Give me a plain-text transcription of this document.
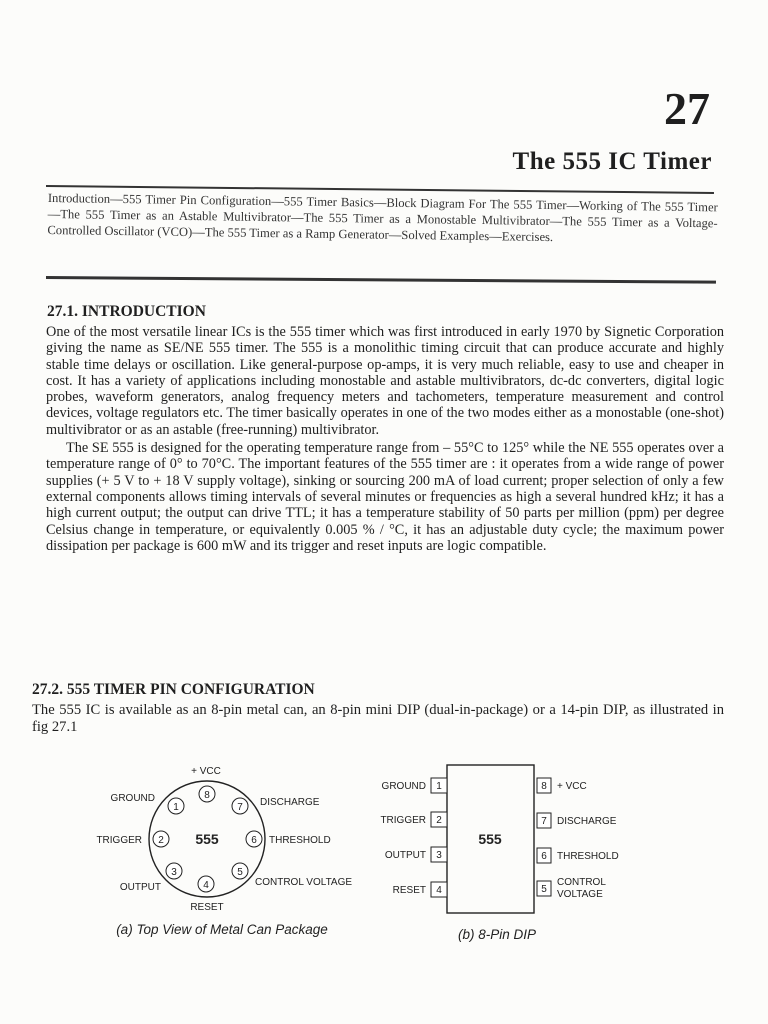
27
The 555 IC Timer
Introduction—555 Timer Pin Configuration—555 Timer Basics—Block Diagram For The 555 Timer—Working of The 555 Timer—The 555 Timer as an Astable Multivibrator—The 555 Timer as a Monostable Multivibrator—The 555 Timer as a Voltage-Controlled Oscillator (VCO)—The 555 Timer as a Ramp Generator—Solved Examples—Exercises.
27.1. INTRODUCTION

One of the most versatile linear ICs is the 555 timer which was first introduced in early 1970 by Signetic Corporation giving the name as SE/NE 555 timer. The 555 is a monolithic timing circuit that can produce accurate and highly stable time delays or oscillation. Like general-purpose op-amps, it is very much reliable, easy to use and cheaper in cost. It has a variety of applications including monostable and astable multivibrators, dc-dc converters, digital logic probes, waveform generators, analog frequency meters and tachometers, temperature measurement and control devices, voltage regulators etc. The timer basically operates in one of the two modes either as a monostable (one-shot) multivibrator or as an astable (free-running) multivibrator.

The SE 555 is designed for the operating temperature range from – 55°C to 125° while the NE 555 operates over a temperature range of 0° to 70°C. The important features of the 555 timer are : it operates from a wide range of power supplies (+ 5 V to + 18 V supply voltage), sinking or sourcing 200 mA of load current; proper selection of only a few external components allows timing intervals of several minutes or frequencies as high a several hundred kHz; it has a high current output; the output can drive TTL; it has a temperature stability of 50 parts per million (ppm) per degree Celsius change in temperature, or equivalently 0.005 % / °C, it has an adjustable duty cycle; the maximum power dissipation per package is 600 mW and its trigger and reset inputs are logic compatible.

27.2. 555 TIMER PIN CONFIGURATION
The 555 IC is available as an 8-pin metal can, an 8-pin mini DIP (dual-in-package) or a 14-pin DIP, as illustrated in fig 27.1
555
+ VCC
1
GROUND
2
TRIGGER
3
OUTPUT	4
RESET
5
CONTROL VOLTAGE
6 THRESHOLD
7 DISCHARGE
8
(a) Top View of Metal Can Package
555
1
GROUND
2
TRIGGER
3
OUTPUT
4
RESET
8 + VCC
7 DISCHARGE
6 THRESHOLD
5
CONTROL VOLTAGE
(b) 8-Pin DIP
